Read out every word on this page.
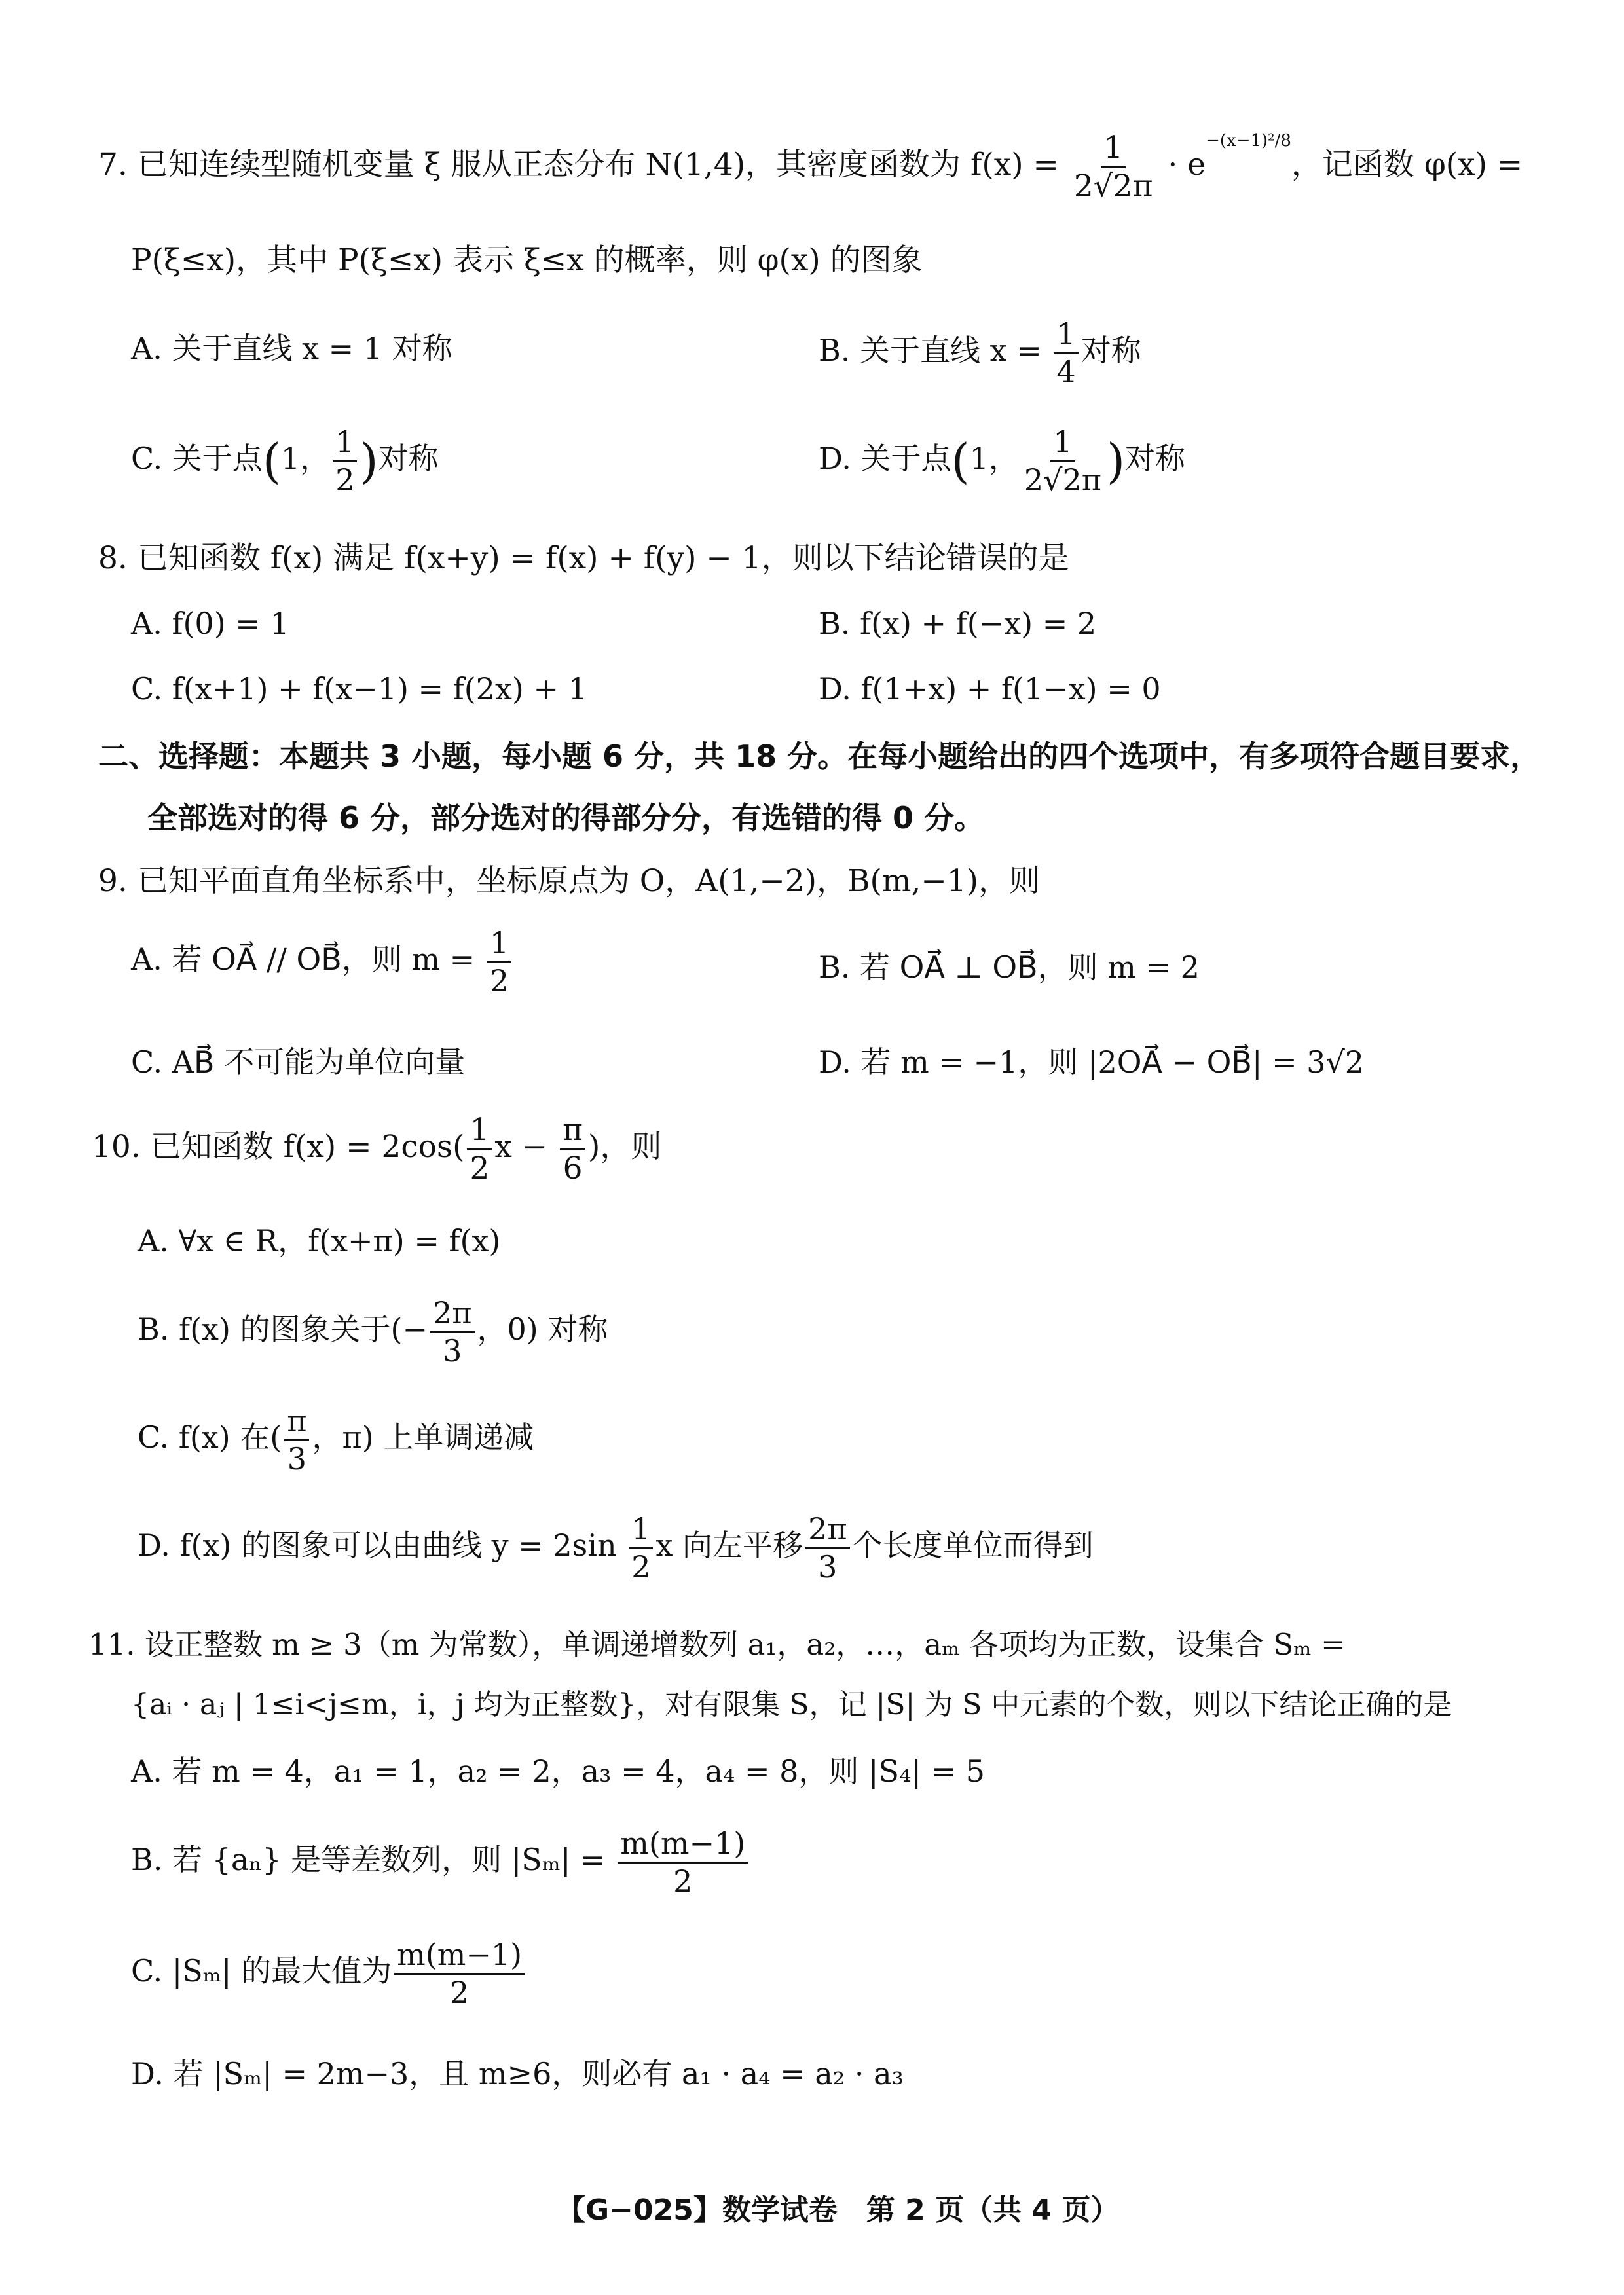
7. 已知连续型随机变量 ξ 服从正态分布 N(1,4)，其密度函数为 $f(x) = \frac{1}{2√2\pi} \cdot e^{-(x-1)^2/8}$，记函数 φ(x) =
P(ξ≤x)，其中 P(ξ≤x) 表示 ξ≤x 的概率，则 φ(x) 的图象
A. 关于直线 x = 1 对称	B. 关于直线 $x = \frac{1}{4}$ 对称
C. 关于点(1， $\frac{1}{2}$ )对称	D. 关于点(1， $\frac{1}{2√2\pi}$ )对称
8. 已知函数 f(x) 满足 f(x+y) = f(x) + f(y) − 1，则以下结论错误的是
A. f(0) = 1	B. f(x) + f(−x) = 2
C. f(x+1) + f(x−1) = f(2x) + 1	D. f(1+x) + f(1−x) = 0
二、选择题：本题共 3 小题，每小题 6 分，共 18 分。在每小题给出的四个选项中，有多项符合题目要求，
全部选对的得 6 分，部分选对的得部分分，有选错的得 0 分。
9. 已知平面直角坐标系中，坐标原点为 O，A(1,−2)，B(m,−1)，则
A. 若 OA⃗ // OB⃗，则 $m = \frac{1}{2}$	B. 若 OA⃗ ⊥ OB⃗，则 m = 2
C. AB⃗ 不可能为单位向量	D. 若 m = −1，则 |2OA⃗ − OB⃗| = 3√2
10. 已知函数 $f(x) = 2\cos( \frac{1}{2}$ $x - \frac{\pi}{6}$ )，则
A. ∀x ∈ R，f(x+π) = f(x)
B. f(x) 的图象关于(− $\frac{2\pi}{3}$ ，0) 对称
C. f(x) 在( $\frac{\pi}{3}$ ，π) 上单调递减
D. f(x) 的图象可以由曲线 $y = 2\sin \frac{1}{2}$ x 向左平移 $\frac{2\pi}{3}$ 个长度单位而得到
11. 设正整数 m ≥ 3（m 为常数），单调递增数列 a₁，a₂，…，aₘ 各项均为正数，设集合 Sₘ =
{aᵢ · aⱼ | 1≤i<j≤m，i，j 均为正整数}，对有限集 S，记 |S| 为 S 中元素的个数，则以下结论正确的是
A. 若 m = 4，a₁ = 1，a₂ = 2，a₃ = 4，a₄ = 8，则 |S₄| = 5
B. 若 {aₙ} 是等差数列，则 $|S_m| = \frac{m(m-1)}{2}$
C. |Sₘ| 的最大值为 $\frac{m(m-1)}{2}$
D. 若 |Sₘ| = 2m−3，且 m≥6，则必有 a₁ · a₄ = a₂ · a₃
【G−025】数学试卷　第 2 页（共 4 页）
